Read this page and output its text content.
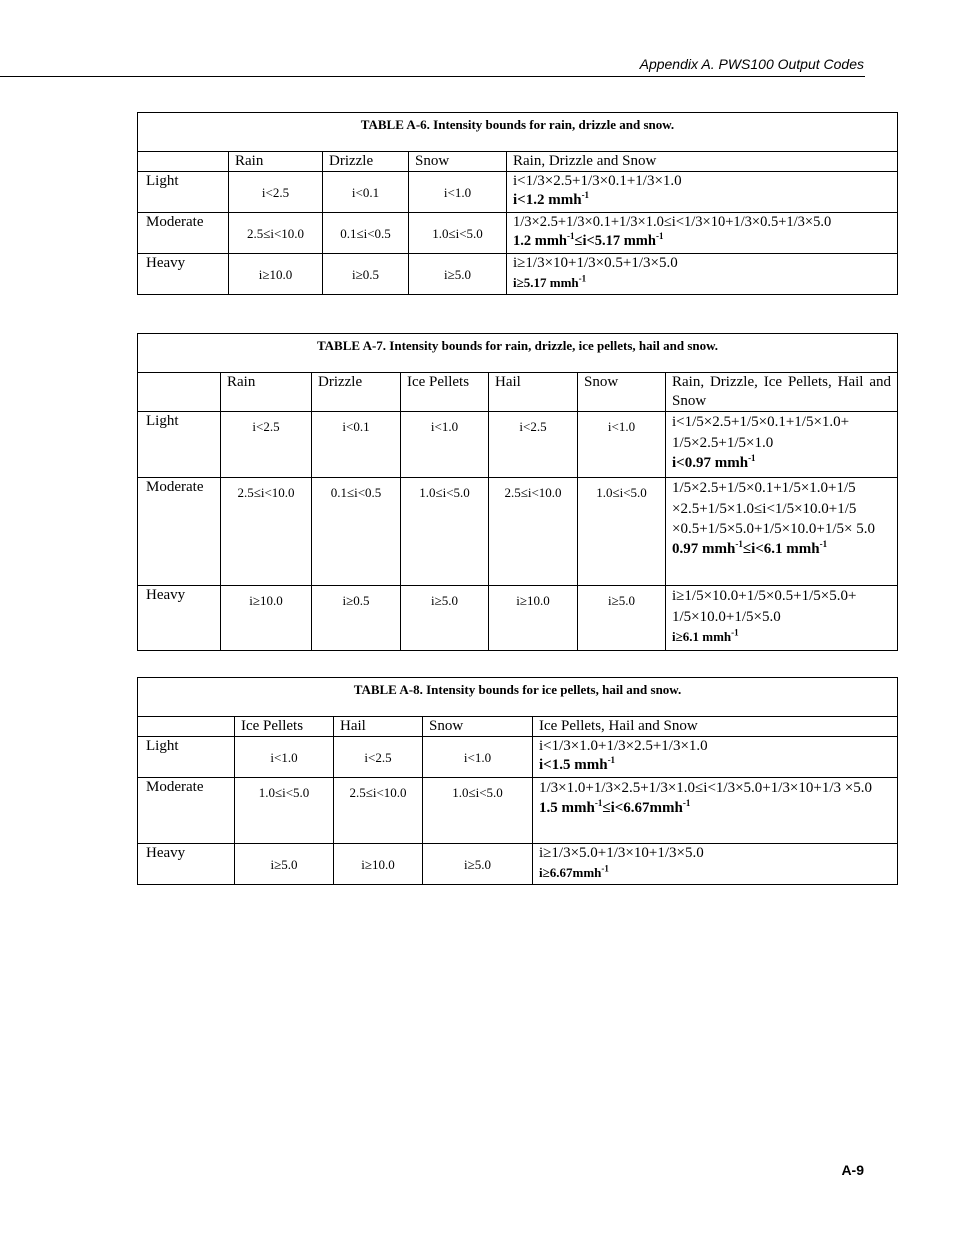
Appendix A. PWS100 Output Codes
TABLE A-6. Intensity bounds for rain, drizzle and snow.				
	Rain	Drizzle	Snow	Rain, Drizzle and Snow
Light	i<2.5	i<0.1	i<1.0	i<1/3×2.5+1/3×0.1+1/3×1.0
i<1.2 mmh$^{-1}$

Moderate	2.5≤i<10.0	0.1≤i<0.5	1.0≤i<5.0	1/3×2.5+1/3×0.1+1/3×1.0≤i<1/3×10+1/3×0.5+1/3×5.0
1.2 mmh$^{-1}$≤i<5.17 mmh$^{-1}$

Heavy	i≥10.0	i≥0.5	i≥5.0	i≥1/3×10+1/3×0.5+1/3×5.0
i≥5.17 mmh$^{-1}$
TABLE A-7. Intensity bounds for rain, drizzle, ice pellets, hail and snow.						
	Rain	Drizzle	Ice Pellets	Hail	Snow	Rain, Drizzle, Ice Pellets, Hail and Snow
Light	i<2.5	i<0.1	i<1.0	i<2.5	i<1.0	i<1/5×2.5+1/5×0.1+1/5×1.0+ 1/5×2.5+1/5×1.0
i<0.97 mmh$^{-1}$

Moderate	2.5≤i<10.0	0.1≤i<0.5	1.0≤i<5.0	2.5≤i<10.0	1.0≤i<5.0	1/5×2.5+1/5×0.1+1/5×1.0+1/5 ×2.5+1/5×1.0≤i<1/5×10.0+1/5 ×0.5+1/5×5.0+1/5×10.0+1/5× 5.0
0.97 mmh$^{-1}$≤i<6.1 mmh$^{-1}$

Heavy	i≥10.0	i≥0.5	i≥5.0	i≥10.0	i≥5.0	i≥1/5×10.0+1/5×0.5+1/5×5.0+ 1/5×10.0+1/5×5.0
i≥6.1 mmh$^{-1}$
TABLE A-8. Intensity bounds for ice pellets, hail and snow.				
	Ice Pellets	Hail	Snow	Ice Pellets, Hail and Snow
Light	i<1.0	i<2.5	i<1.0	i<1/3×1.0+1/3×2.5+1/3×1.0
i<1.5 mmh$^{-1}$

Moderate	1.0≤i<5.0	2.5≤i<10.0	1.0≤i<5.0	1/3×1.0+1/3×2.5+1/3×1.0≤i<1/3×5.0+1/3×10+1/3 ×5.0
1.5 mmh$^{-1}$≤i<6.67mmh$^{-1}$

Heavy	i≥5.0	i≥10.0	i≥5.0	i≥1/3×5.0+1/3×10+1/3×5.0
i≥6.67mmh$^{-1}$
A-9
